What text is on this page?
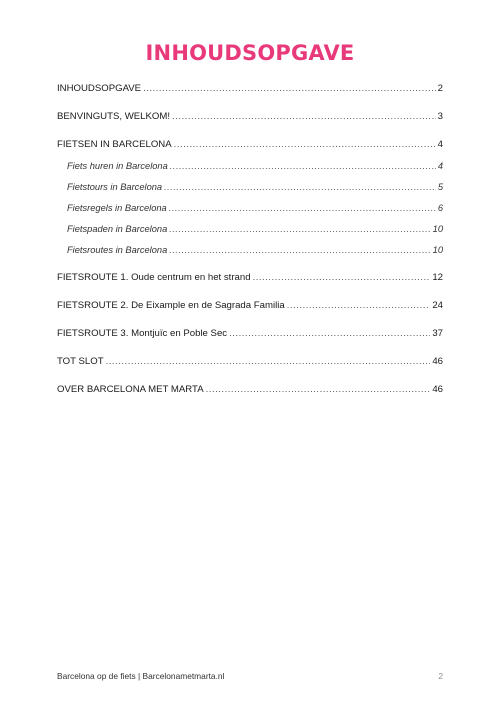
INHOUDSOPGAVE
INHOUDSOPGAVE .....	2
BENVINGUTS, WELKOM! .....	3
FIETSEN IN BARCELONA .....	4
Fiets huren in Barcelona .....	4
Fietstours in Barcelona .....	5
Fietsregels in Barcelona .....	6
Fietspaden in Barcelona .....	10
Fietsroutes in Barcelona .....	10
FIETSROUTE 1. Oude centrum en het strand .....	12
FIETSROUTE 2. De Eixample en de Sagrada Familia .....	24
FIETSROUTE 3. Montjuïc en Poble Sec .....	37
TOT SLOT .....	46
OVER BARCELONA MET MARTA .....	46
Barcelona op de fiets | Barcelonametmarta.nl	2
